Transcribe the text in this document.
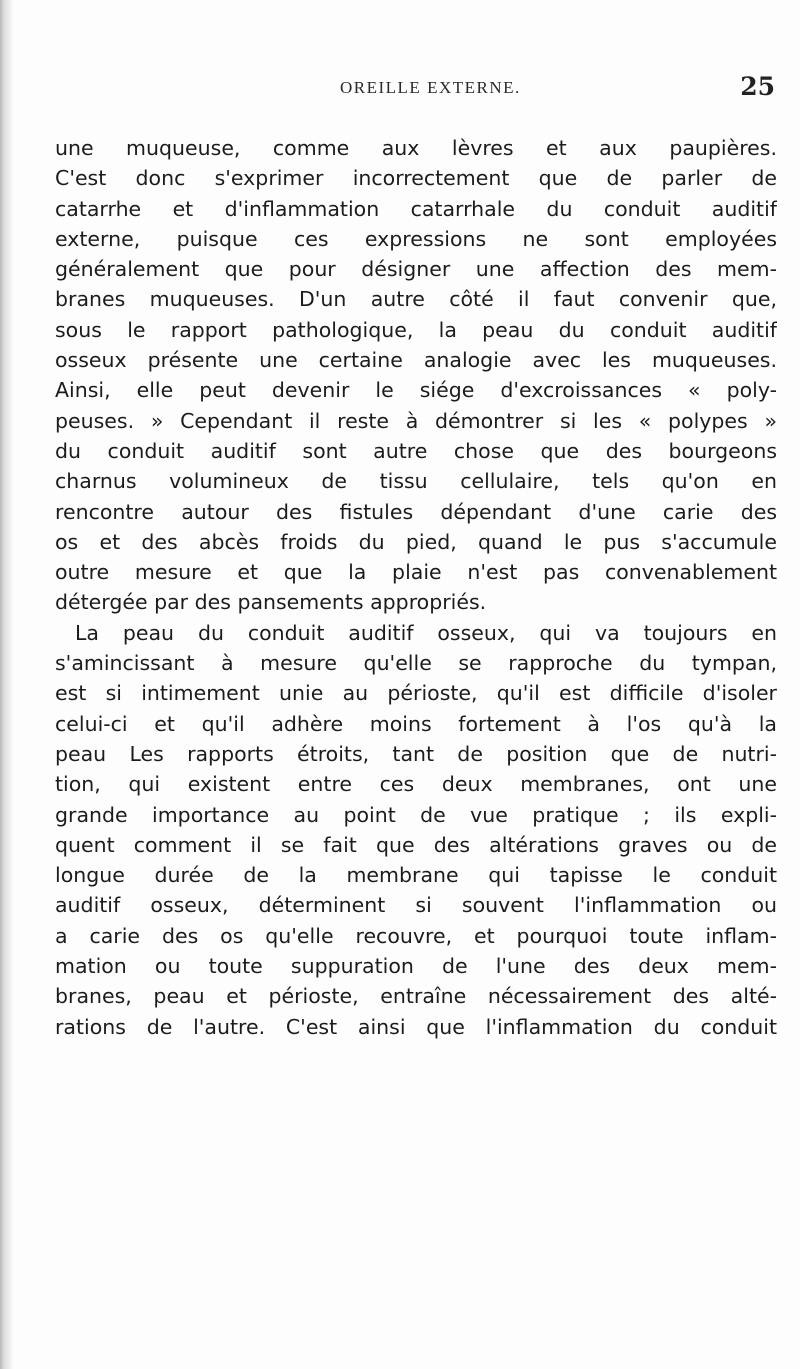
OREILLE EXTERNE.	25
une muqueuse, comme aux lèvres et aux paupières.
C'est donc s'exprimer incorrectement que de parler de
catarrhe et d'inflammation catarrhale du conduit auditif
externe, puisque ces expressions ne sont employées
généralement que pour désigner une affection des mem-
branes muqueuses. D'un autre côté il faut convenir que,
sous le rapport pathologique, la peau du conduit auditif
osseux présente une certaine analogie avec les muqueuses.
Ainsi, elle peut devenir le siége d'excroissances « poly-
peuses. » Cependant il reste à démontrer si les « polypes »
du conduit auditif sont autre chose que des bourgeons
charnus volumineux de tissu cellulaire, tels qu'on en
rencontre autour des fistules dépendant d'une carie des
os et des abcès froids du pied, quand le pus s'accumule
outre mesure et que la plaie n'est pas convenablement
détergée par des pansements appropriés.
La peau du conduit auditif osseux, qui va toujours en
s'amincissant à mesure qu'elle se rapproche du tympan,
est si intimement unie au périoste, qu'il est difficile d'isoler
celui-ci et qu'il adhère moins fortement à l'os qu'à la
peau Les rapports étroits, tant de position que de nutri-
tion, qui existent entre ces deux membranes, ont une
grande importance au point de vue pratique ; ils expli-
quent comment il se fait que des altérations graves ou de
longue durée de la membrane qui tapisse le conduit
auditif osseux, déterminent si souvent l'inflammation ou
a carie des os qu'elle recouvre, et pourquoi toute inflam-
mation ou toute suppuration de l'une des deux mem-
branes, peau et périoste, entraîne nécessairement des alté-
rations de l'autre. C'est ainsi que l'inflammation du conduit
